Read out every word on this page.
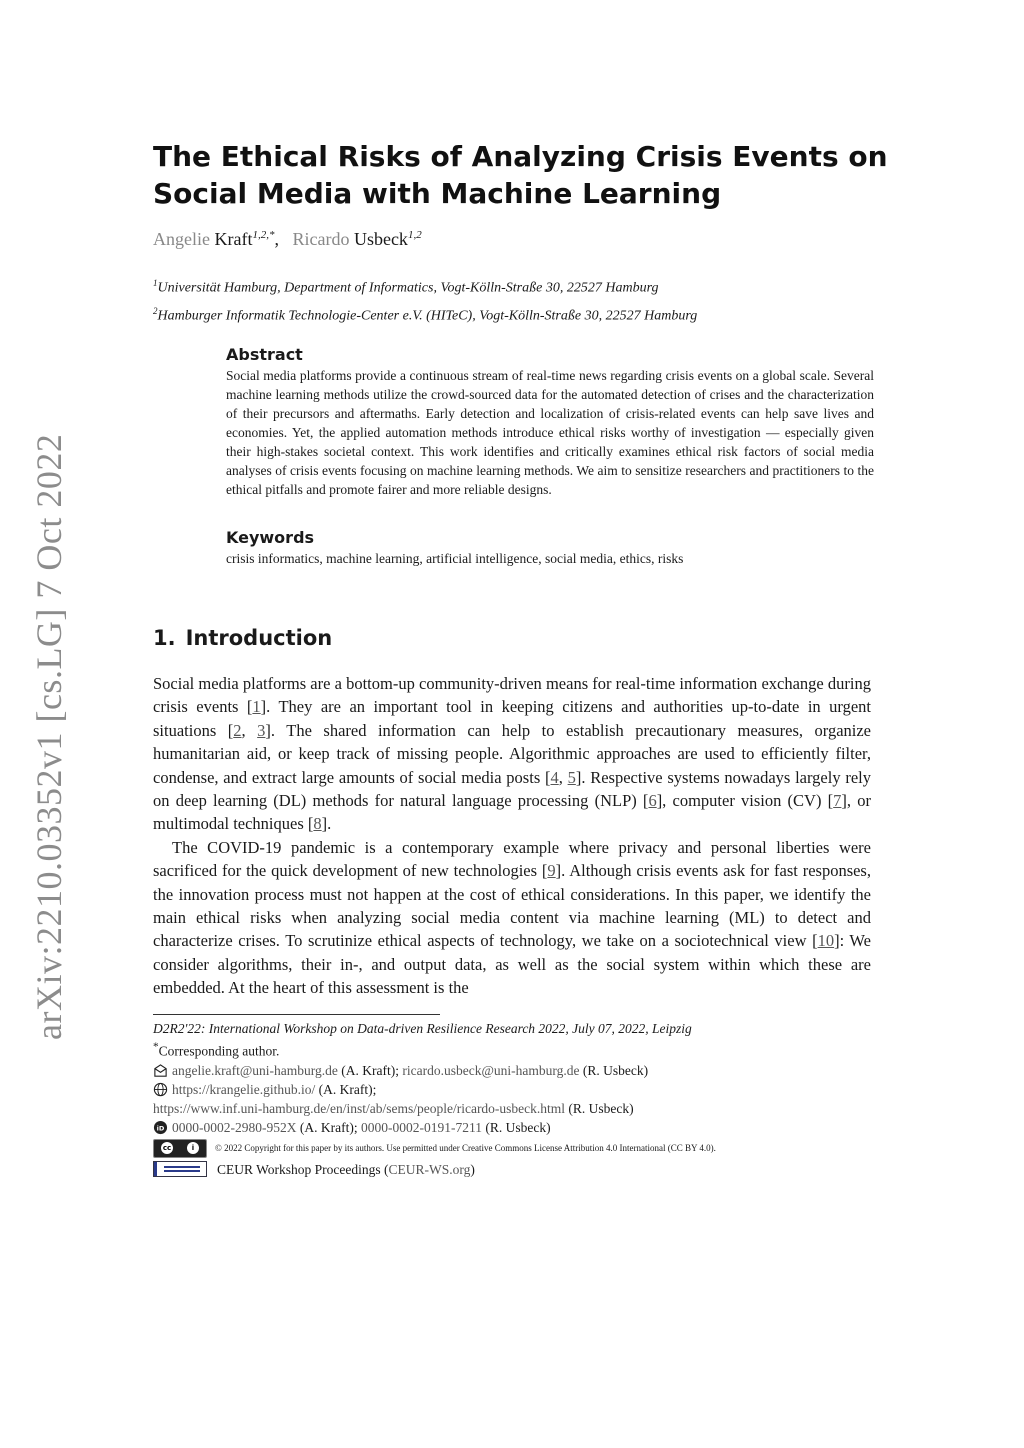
arXiv:2210.03352v1 [cs.LG] 7 Oct 2022
The Ethical Risks of Analyzing Crisis Events on Social Media with Machine Learning
Angelie Kraft$^{1,2,*}$,   Ricardo Usbeck$^{1,2}$
$^1$Universität Hamburg, Department of Informatics, Vogt-Kölln-Straße 30, 22527 Hamburg
$^2$Hamburger Informatik Technologie-Center e.V. (HITeC), Vogt-Kölln-Straße 30, 22527 Hamburg
Abstract
Social media platforms provide a continuous stream of real-time news regarding crisis events on a global scale. Several machine learning methods utilize the crowd-sourced data for the automated detection of crises and the characterization of their precursors and aftermaths. Early detection and localization of crisis-related events can help save lives and economies. Yet, the applied automation methods introduce ethical risks worthy of investigation — especially given their high-stakes societal context. This work identifies and critically examines ethical risk factors of social media analyses of crisis events focusing on machine learning methods. We aim to sensitize researchers and practitioners to the ethical pitfalls and promote fairer and more reliable designs.
Keywords
crisis informatics, machine learning, artificial intelligence, social media, ethics, risks
1. Introduction

Social media platforms are a bottom-up community-driven means for real-time information exchange during crisis events [1]. They are an important tool in keeping citizens and authorities up-to-date in urgent situations [2, 3]. The shared information can help to establish precautionary measures, organize humanitarian aid, or keep track of missing people. Algorithmic approaches are used to efficiently filter, condense, and extract large amounts of social media posts [4, 5]. Respective systems nowadays largely rely on deep learning (DL) methods for natural language processing (NLP) [6], computer vision (CV) [7], or multimodal techniques [8].

The COVID-19 pandemic is a contemporary example where privacy and personal liberties were sacrificed for the quick development of new technologies [9]. Although crisis events ask for fast responses, the innovation process must not happen at the cost of ethical considerations. In this paper, we identify the main ethical risks when analyzing social media content via machine learning (ML) to detect and characterize crises. To scrutinize ethical aspects of technology, we take on a sociotechnical view [10]: We consider algorithms, their in-, and output data, as well as the social system within which these are embedded. At the heart of this assessment is the

D2R2'22: International Workshop on Data-driven Resilience Research 2022, July 07, 2022, Leipzig
*Corresponding author.
angelie.kraft@uni-hamburg.de (A. Kraft); ricardo.usbeck@uni-hamburg.de (R. Usbeck)
https://krangelie.github.io/ (A. Kraft);
https://www.inf.uni-hamburg.de/en/inst/ab/sems/people/ricardo-usbeck.html (R. Usbeck)
iD 0000-0002-2980-952X (A. Kraft); 0000-0002-0191-7211 (R. Usbeck)
cc	i	© 2022 Copyright for this paper by its authors. Use permitted under Creative Commons License Attribution 4.0 International (CC BY 4.0).
CEUR Workshop Proceedings (CEUR-WS.org)
